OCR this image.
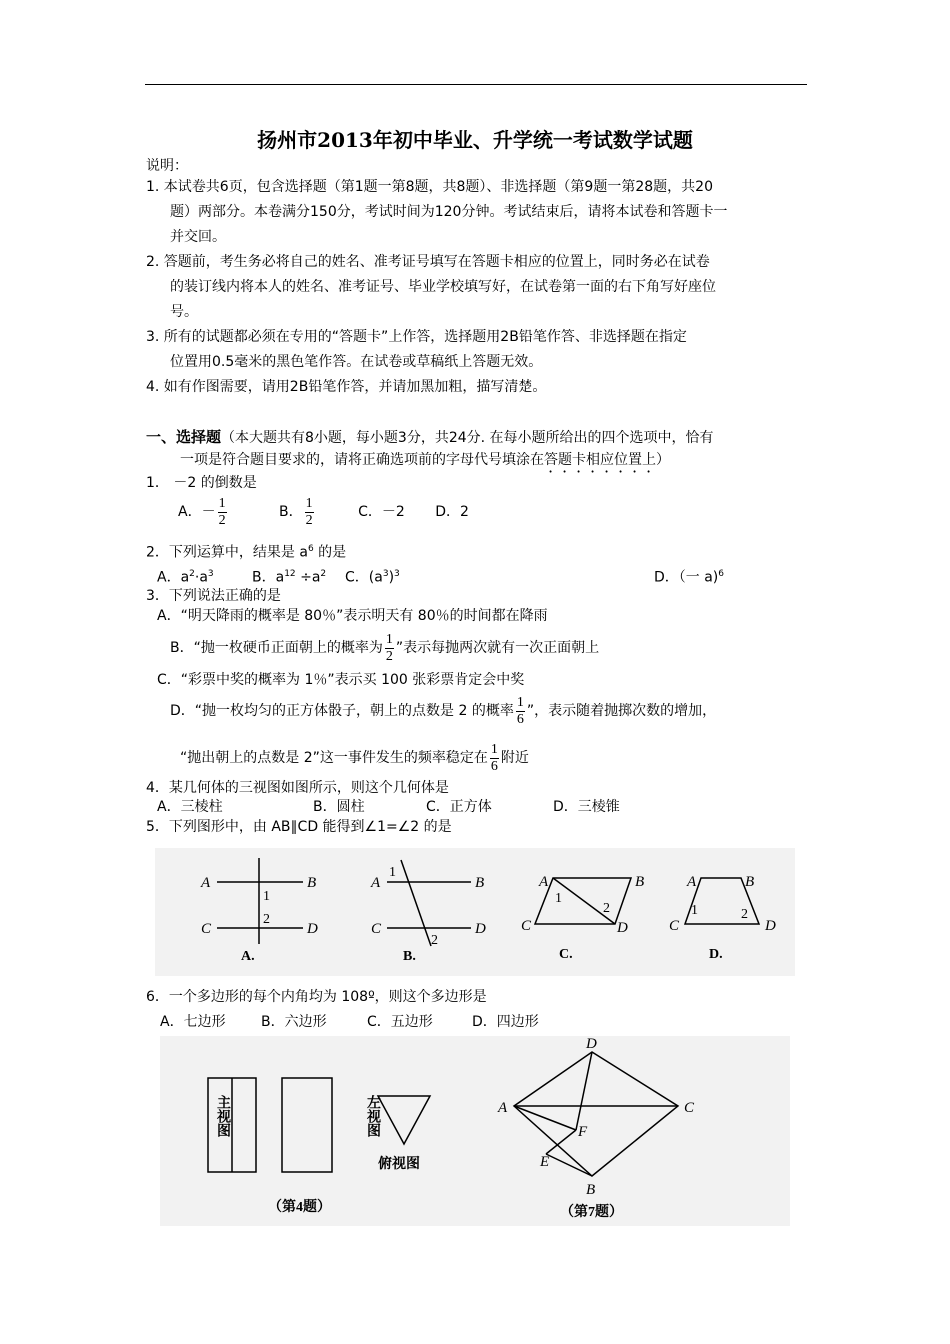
扬州市2013年初中毕业、升学统一考试数学试题
说明：
1. 本试卷共6页，包含选择题（第1题一第8题，共8题）、非选择题（第9题一第28题，共20
题）两部分。本卷满分150分，考试时间为120分钟。考试结束后，请将本试卷和答题卡一
并交回。
2. 答题前，考生务必将自己的姓名、准考证号填写在答题卡相应的位置上，同时务必在试卷
的装订线内将本人的姓名、准考证号、毕业学校填写好，在试卷第一面的右下角写好座位
号。
3. 所有的试题都必须在专用的“答题卡”上作答，选择题用2B铅笔作答、非选择题在指定
位置用0.5毫米的黑色笔作答。在试卷或草稿纸上答题无效。
4. 如有作图需要，请用2B铅笔作答，并请加黑加粗，描写清楚。
一、选择题（本大题共有8小题，每小题3分，共24分. 在每小题所给出的四个选项中，恰有
一项是符合题目要求的，请将正确选项前的字母代号填涂在答题卡相应位置上）
1． －2 的倒数是
A．－ $\frac{1}{2}$	B． $\frac{1}{2}$	C．－2 D．2
2．下列运算中，结果是 $a^6$ 的是
A．$a^2\cdot a^3$	B．$a^{12} \div a^2$ C．$(a^3)^3$	D．（一 a)$^6$
3．下列说法正确的是
A．“明天降雨的概率是 80％”表示明天有 80％的时间都在降雨
B．“抛一枚硬币正面朝上的概率为 $\frac{1}{2}$ ”表示每抛两次就有一次正面朝上
C．“彩票中奖的概率为 1％”表示买 100 张彩票肯定会中奖
D．“抛一枚均匀的正方体骰子，朝上的点数是 2 的概率 $\frac{1}{6}$ ”，表示随着抛掷次数的增加，
“抛出朝上的点数是 2”这一事件发生的频率稳定在 $\frac{1}{6}$ 附近
4．某几何体的三视图如图所示，则这个几何体是
A．三棱柱	B．圆柱	C．正方体	D．三棱锥
5．下列图形中，由 AB∥CD 能得到∠1=∠2 的是
A	B
C	D
A	B
C	D
A	B
C	D
A	B
C	D
1
2
1
2
1
2	1	2
A.	B.	C.	D.
6．一个多边形的每个内角均为 108º，则这个多边形是
A．七边形	B．六边形	C．五边形	D．四边形
主视图	左视图
俯视图
（第4题）	（第7题）
D
A	C
F
E
B
